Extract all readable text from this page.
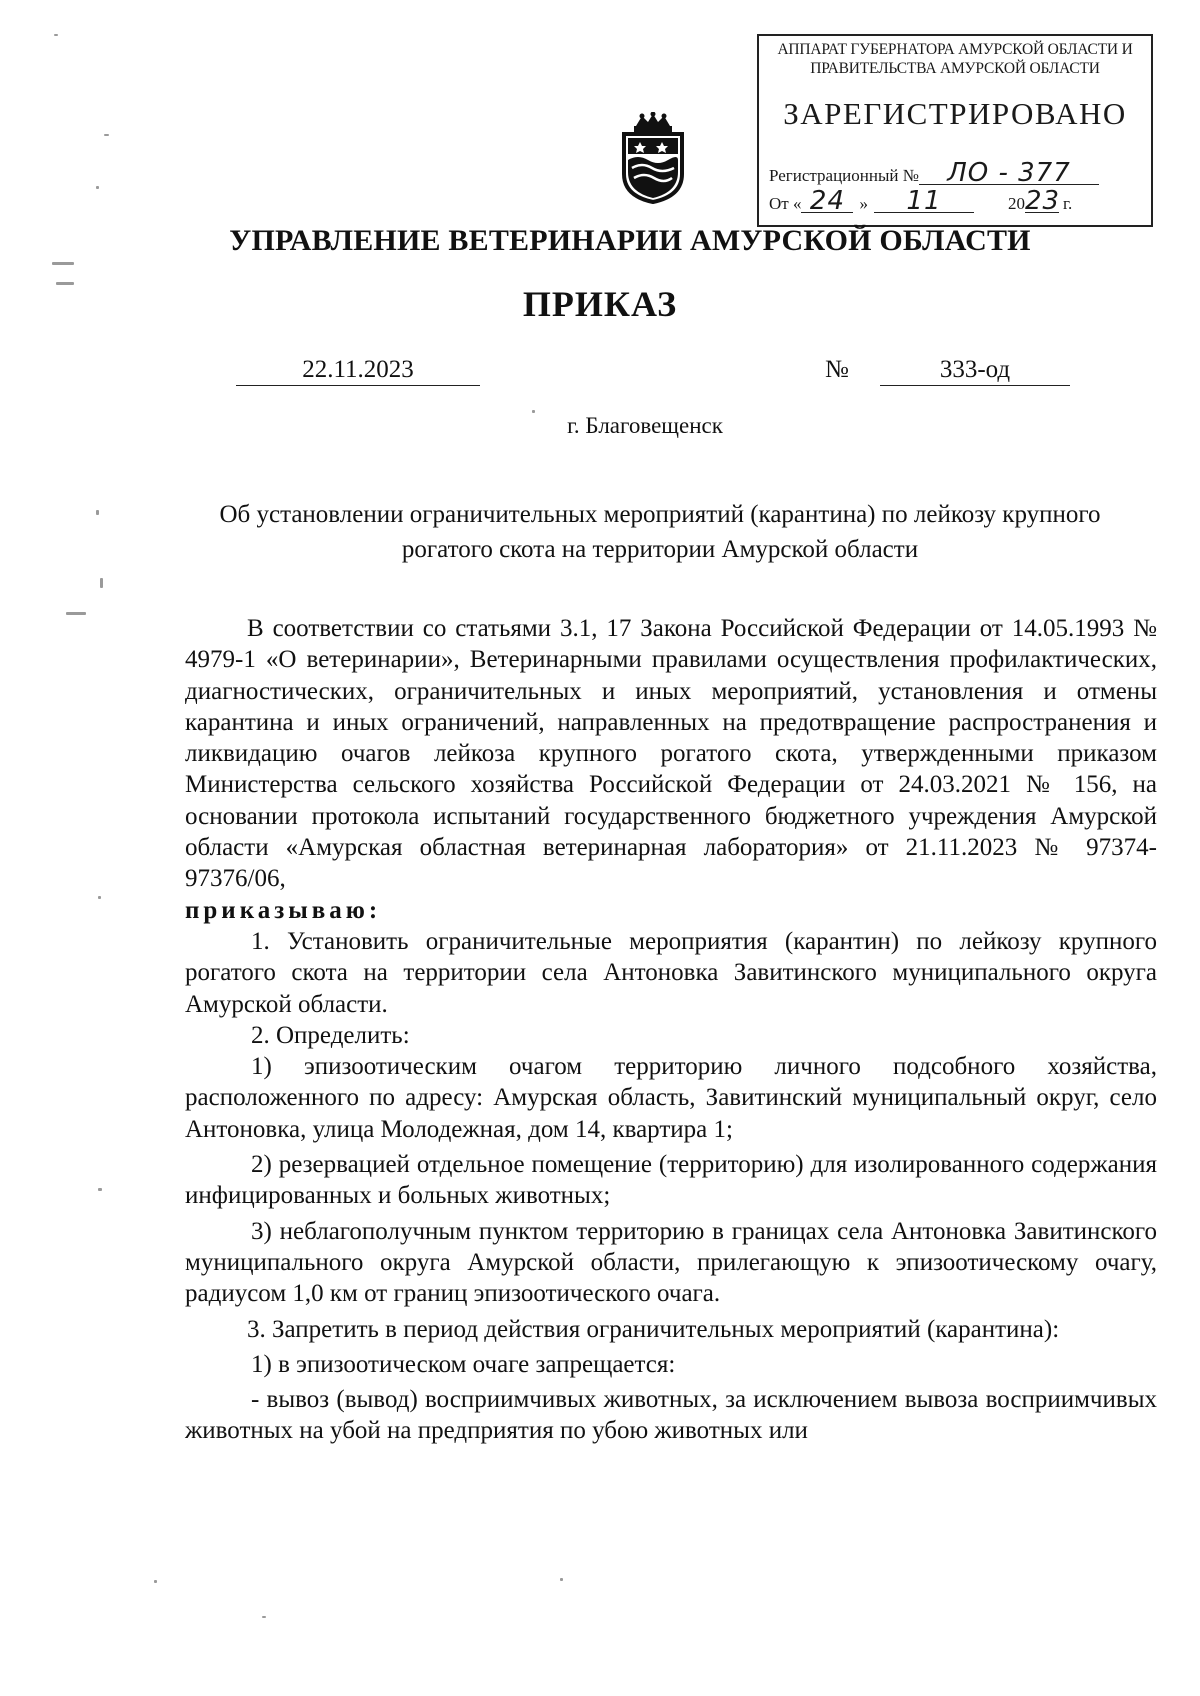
АППАРАТ ГУБЕРНАТОРА АМУРСКОЙ ОБЛАСТИ И ПРАВИТЕЛЬСТВА АМУРСКОЙ ОБЛАСТИ
ЗАРЕГИСТРИРОВАНО
Регистрационный № ЛО - 377
От « 24 » 11	2023 г.
УПРАВЛЕНИЕ ВЕТЕРИНАРИИ АМУРСКОЙ ОБЛАСТИ
ПРИКАЗ
22.11.2023	№	333-од
г. Благовещенск
Об установлении ограничительных мероприятий (карантина) по лейкозу крупного рогатого скота на территории Амурской области

В соответствии со статьями 3.1, 17 Закона Российской Федерации от 14.05.1993 № 4979-1 «О ветеринарии», Ветеринарными правилами осуществления профилактических, диагностических, ограничительных и иных мероприятий, установления и отмены карантина и иных ограничений, направленных на предотвращение распространения и ликвидацию очагов лейкоза крупного рогатого скота, утвержденными приказом Министерства сельского хозяйства Российской Федерации от 24.03.2021 № 156, на основании протокола испытаний государственного бюджетного учреждения Амурской области «Амурская областная ветеринарная лаборатория» от 21.11.2023 № 97374-97376/06,

приказываю:

1. Установить ограничительные мероприятия (карантин) по лейкозу крупного рогатого скота на территории села Антоновка Завитинского муниципального округа Амурской области.

2. Определить:

1) эпизоотическим очагом территорию личного подсобного хозяйства, расположенного по адресу: Амурская область, Завитинский муниципальный округ, село Антоновка, улица Молодежная, дом 14, квартира 1;

2) резервацией отдельное помещение (территорию) для изолированного содержания инфицированных и больных животных;

3) неблагополучным пунктом территорию в границах села Антоновка Завитинского муниципального округа Амурской области, прилегающую к эпизоотическому очагу, радиусом 1,0 км от границ эпизоотического очага.

3. Запретить в период действия ограничительных мероприятий (карантина):

1) в эпизоотическом очаге запрещается:

- вывоз (вывод) восприимчивых животных, за исключением вывоза восприимчивых животных на убой на предприятия по убою животных или
